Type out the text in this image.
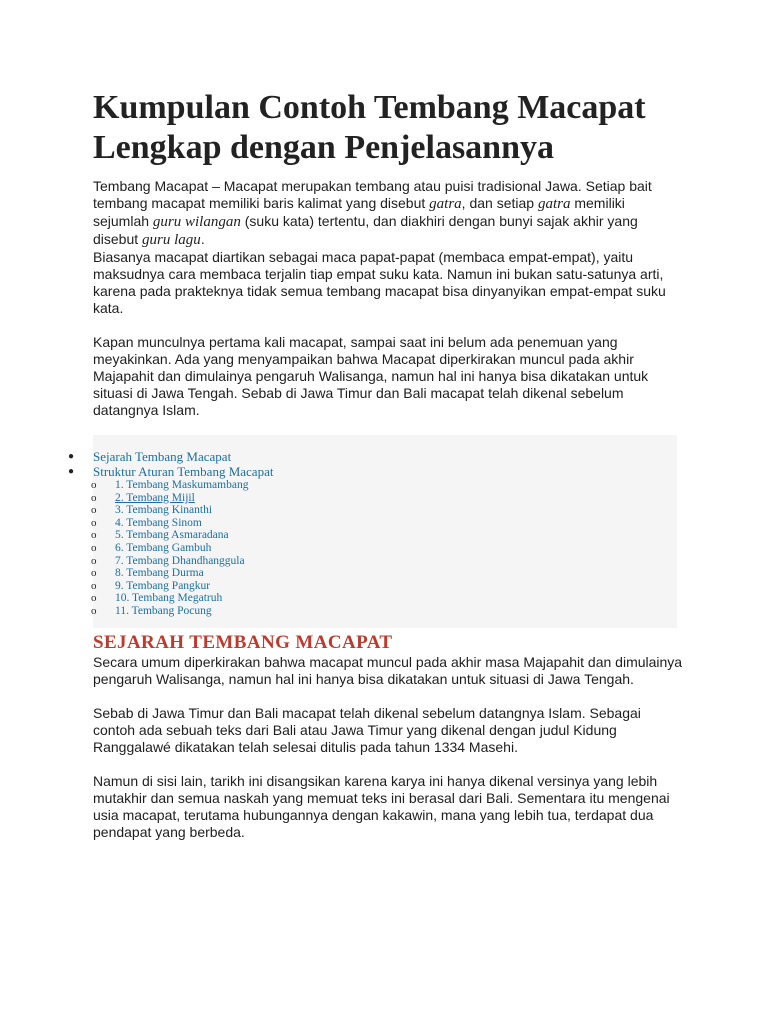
Kumpulan Contoh Tembang Macapat Lengkap dengan Penjelasannya

Tembang Macapat – Macapat merupakan tembang atau puisi tradisional Jawa. Setiap bait tembang macapat memiliki baris kalimat yang disebut gatra, dan setiap gatra memiliki sejumlah guru wilangan (suku kata) tertentu, dan diakhiri dengan bunyi sajak akhir yang disebut guru lagu.

Biasanya macapat diartikan sebagai maca papat-papat (membaca empat-empat), yaitu maksudnya cara membaca terjalin tiap empat suku kata. Namun ini bukan satu-satunya arti, karena pada prakteknya tidak semua tembang macapat bisa dinyanyikan empat-empat suku kata.

Kapan munculnya pertama kali macapat, sampai saat ini belum ada penemuan yang meyakinkan. Ada yang menyampaikan bahwa Macapat diperkirakan muncul pada akhir Majapahit dan dimulainya pengaruh Walisanga, namun hal ini hanya bisa dikatakan untuk situasi di Jawa Tengah. Sebab di Jawa Timur dan Bali macapat telah dikenal sebelum datangnya Islam.

● Sejarah Tembang Macapat
● Struktur Aturan Tembang Macapat
o 1. Tembang Maskumambang
o 2. Tembang Mijil
o 3. Tembang Kinanthi
o 4. Tembang Sinom
o 5. Tembang Asmaradana
o 6. Tembang Gambuh
o 7. Tembang Dhandhanggula
o 8. Tembang Durma
o 9. Tembang Pangkur
o 10. Tembang Megatruh
o 11. Tembang Pocung
SEJARAH TEMBANG MACAPAT

Secara umum diperkirakan bahwa macapat muncul pada akhir masa Majapahit dan dimulainya pengaruh Walisanga, namun hal ini hanya bisa dikatakan untuk situasi di Jawa Tengah.

Sebab di Jawa Timur dan Bali macapat telah dikenal sebelum datangnya Islam. Sebagai contoh ada sebuah teks dari Bali atau Jawa Timur yang dikenal dengan judul Kidung Ranggalawé dikatakan telah selesai ditulis pada tahun 1334 Masehi.

Namun di sisi lain, tarikh ini disangsikan karena karya ini hanya dikenal versinya yang lebih mutakhir dan semua naskah yang memuat teks ini berasal dari Bali. Sementara itu mengenai usia macapat, terutama hubungannya dengan kakawin, mana yang lebih tua, terdapat dua pendapat yang berbeda.
